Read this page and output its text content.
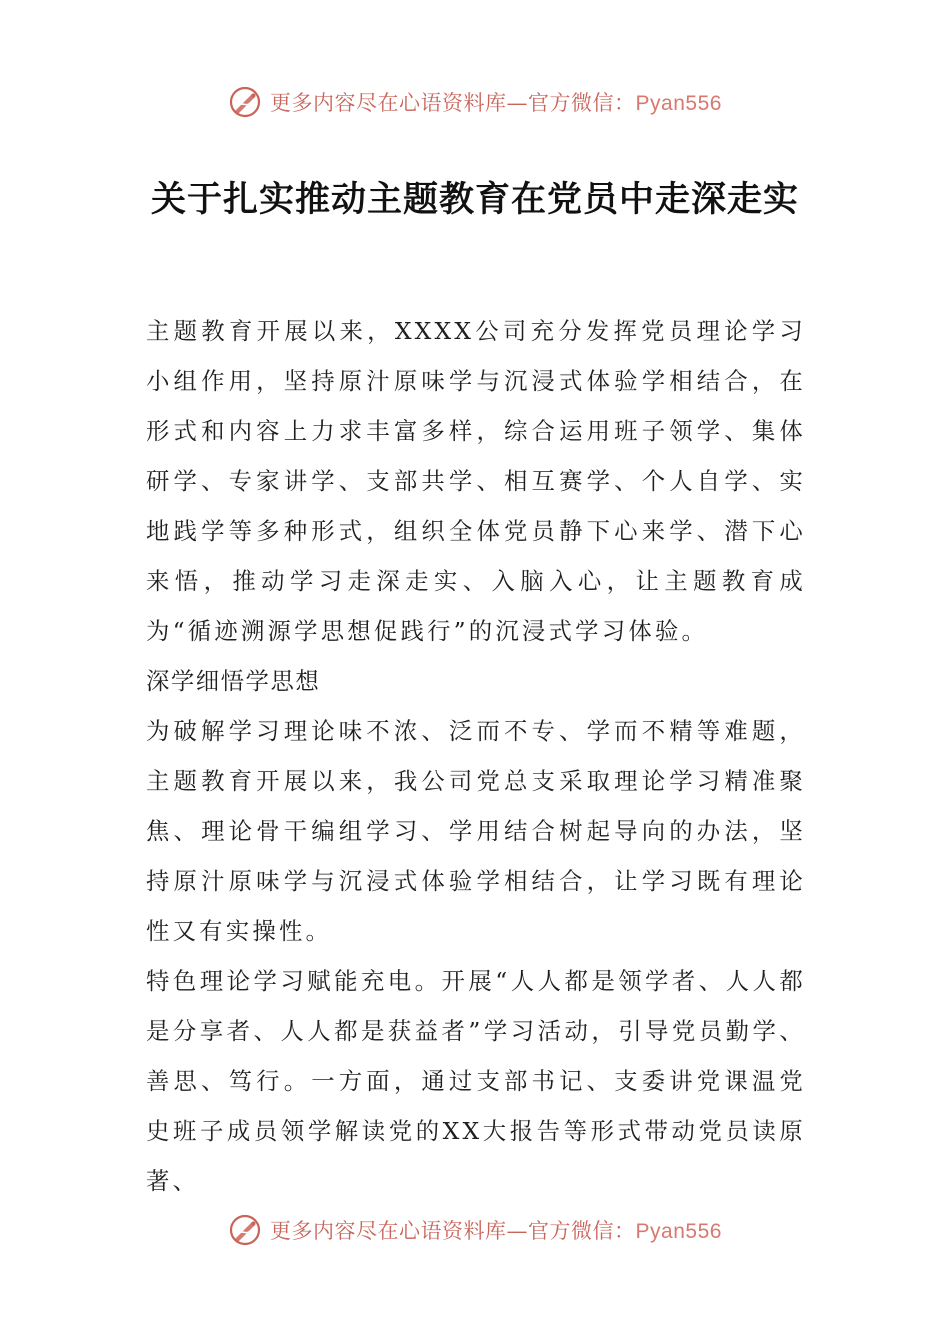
更多内容尽在心语资料库—官方微信：Pyan556
关于扎实推动主题教育在党员中走深走实

主题教育开展以来，XXXX公司充分发挥党员理论学习小组作用，坚持原汁原味学与沉浸式体验学相结合，在形式和内容上力求丰富多样，综合运用班子领学、集体研学、专家讲学、支部共学、相互赛学、个人自学、实地践学等多种形式，组织全体党员静下心来学、潜下心来悟，推动学习走深走实、入脑入心，让主题教育成为“循迹溯源学思想促践行”的沉浸式学习体验。

深学细悟学思想

为破解学习理论味不浓、泛而不专、学而不精等难题，主题教育开展以来，我公司党总支采取理论学习精准聚焦、理论骨干编组学习、学用结合树起导向的办法，坚持原汁原味学与沉浸式体验学相结合，让学习既有理论性又有实操性。

特色理论学习赋能充电。开展“人人都是领学者、人人都是分享者、人人都是获益者”学习活动，引导党员勤学、善思、笃行。一方面，通过支部书记、支委讲党课温党史班子成员领学解读党的XX大报告等形式带动党员读原著、

更多内容尽在心语资料库—官方微信：Pyan556
